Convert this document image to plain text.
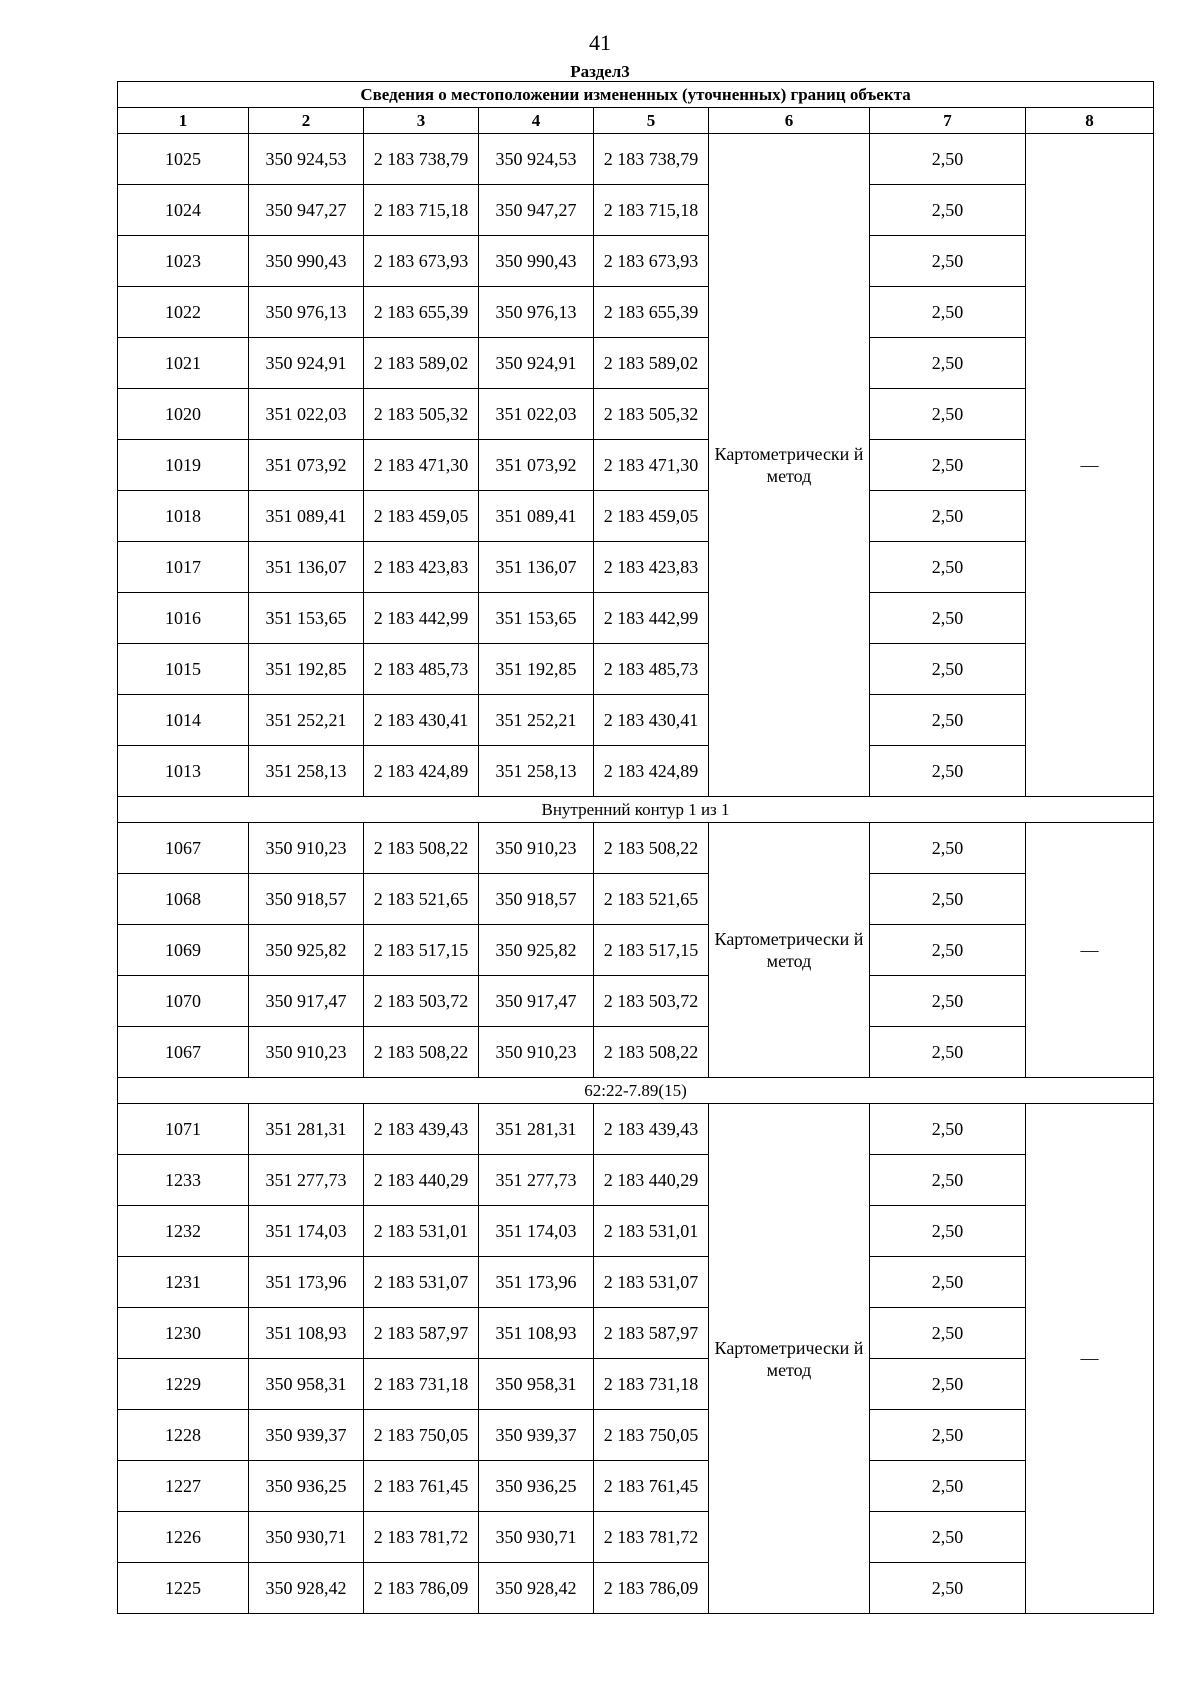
41
Раздел3
Сведения о местоположении измененных (уточненных) границ объекта							
1	2	3	4	5	6	7	8
1025	350 924,53	2 183 738,79	350 924,53	2 183 738,79	Картометрически й метод	2,50	—
1024	350 947,27	2 183 715,18	350 947,27	2 183 715,18		2,50	
1023	350 990,43	2 183 673,93	350 990,43	2 183 673,93		2,50	
1022	350 976,13	2 183 655,39	350 976,13	2 183 655,39		2,50	
1021	350 924,91	2 183 589,02	350 924,91	2 183 589,02		2,50	
1020	351 022,03	2 183 505,32	351 022,03	2 183 505,32		2,50	
1019	351 073,92	2 183 471,30	351 073,92	2 183 471,30		2,50	
1018	351 089,41	2 183 459,05	351 089,41	2 183 459,05		2,50	
1017	351 136,07	2 183 423,83	351 136,07	2 183 423,83		2,50	
1016	351 153,65	2 183 442,99	351 153,65	2 183 442,99		2,50	
1015	351 192,85	2 183 485,73	351 192,85	2 183 485,73		2,50	
1014	351 252,21	2 183 430,41	351 252,21	2 183 430,41		2,50	
1013	351 258,13	2 183 424,89	351 258,13	2 183 424,89		2,50	
Внутренний контур 1 из 1							
1067	350 910,23	2 183 508,22	350 910,23	2 183 508,22	Картометрически й метод	2,50	—
1068	350 918,57	2 183 521,65	350 918,57	2 183 521,65		2,50	
1069	350 925,82	2 183 517,15	350 925,82	2 183 517,15		2,50	
1070	350 917,47	2 183 503,72	350 917,47	2 183 503,72		2,50	
1067	350 910,23	2 183 508,22	350 910,23	2 183 508,22		2,50	
62:22-7.89(15)							
1071	351 281,31	2 183 439,43	351 281,31	2 183 439,43	Картометрически й метод	2,50	—
1233	351 277,73	2 183 440,29	351 277,73	2 183 440,29		2,50	
1232	351 174,03	2 183 531,01	351 174,03	2 183 531,01		2,50	
1231	351 173,96	2 183 531,07	351 173,96	2 183 531,07		2,50	
1230	351 108,93	2 183 587,97	351 108,93	2 183 587,97		2,50	
1229	350 958,31	2 183 731,18	350 958,31	2 183 731,18		2,50	
1228	350 939,37	2 183 750,05	350 939,37	2 183 750,05		2,50	
1227	350 936,25	2 183 761,45	350 936,25	2 183 761,45		2,50	
1226	350 930,71	2 183 781,72	350 930,71	2 183 781,72		2,50	
1225	350 928,42	2 183 786,09	350 928,42	2 183 786,09		2,50	
